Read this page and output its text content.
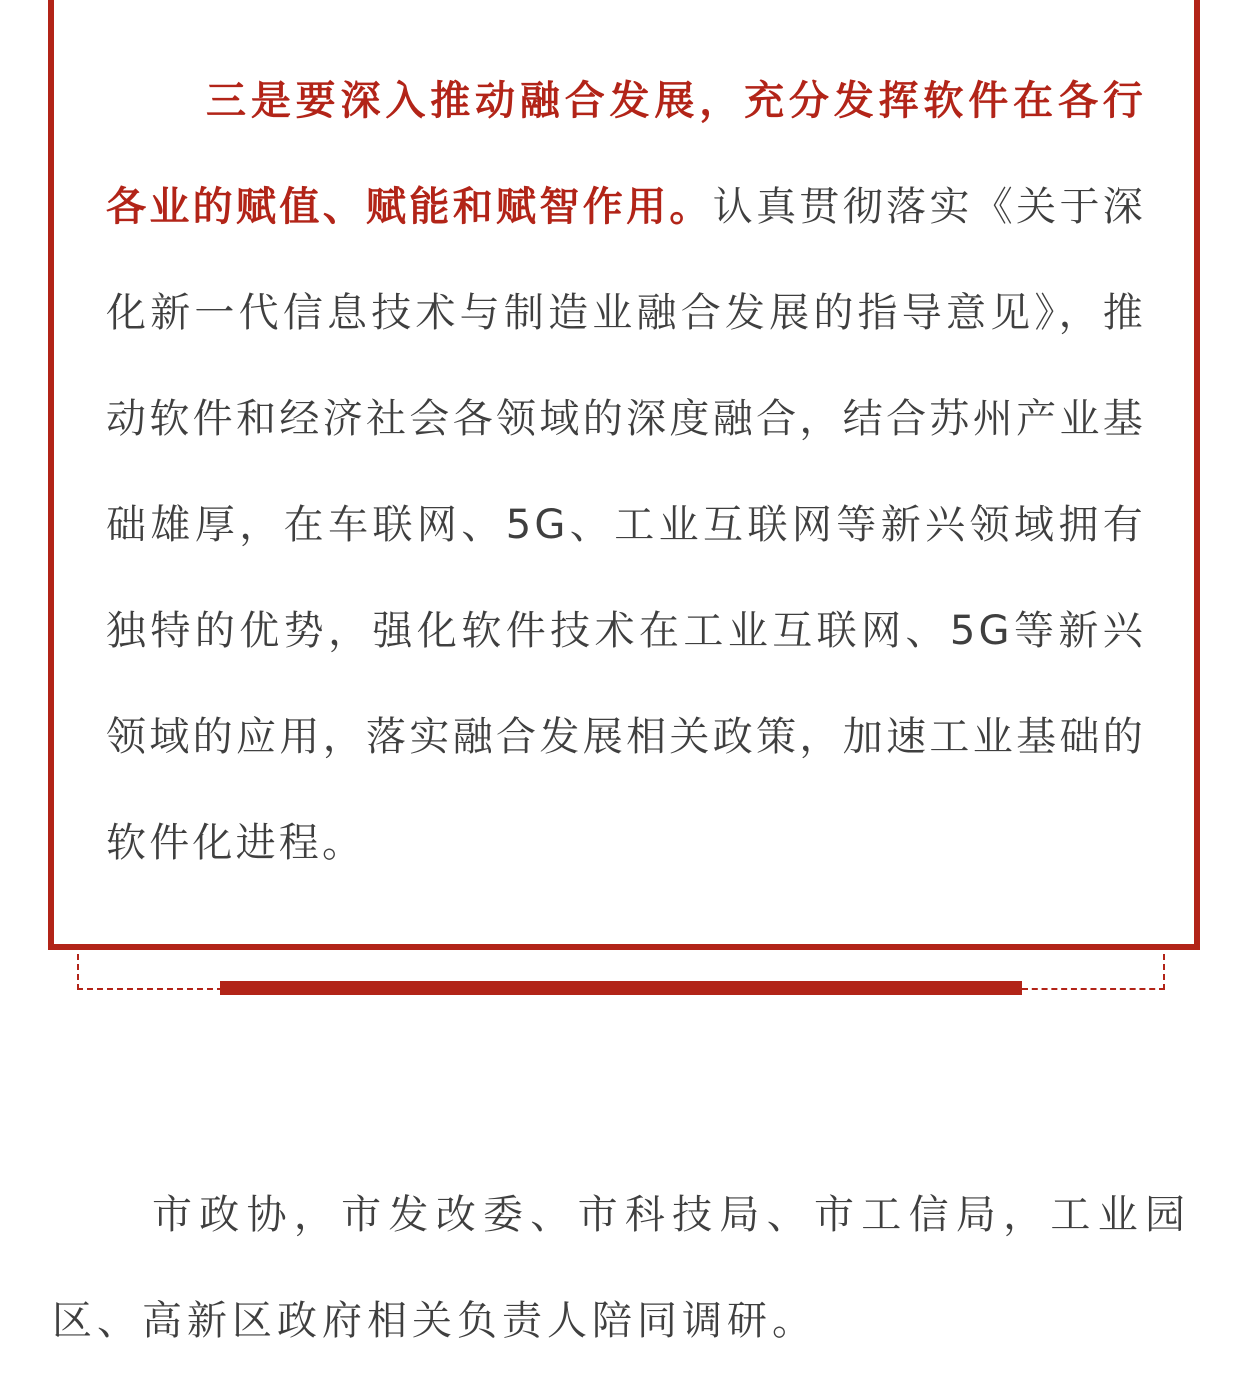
三是要深入推动融合发展，充分发挥软件在各行各业的赋值、赋能和赋智作用。认真贯彻落实《关于深化新一代信息技术与制造业融合发展的指导意见》，推动软件和经济社会各领域的深度融合，结合苏州产业基础雄厚，在车联网、5G、工业互联网等新兴领域拥有独特的优势，强化软件技术在工业互联网、5G等新兴领域的应用，落实融合发展相关政策，加速工业基础的软件化进程。

市政协，市发改委、市科技局、市工信局，工业园区、高新区政府相关负责人陪同调研。
